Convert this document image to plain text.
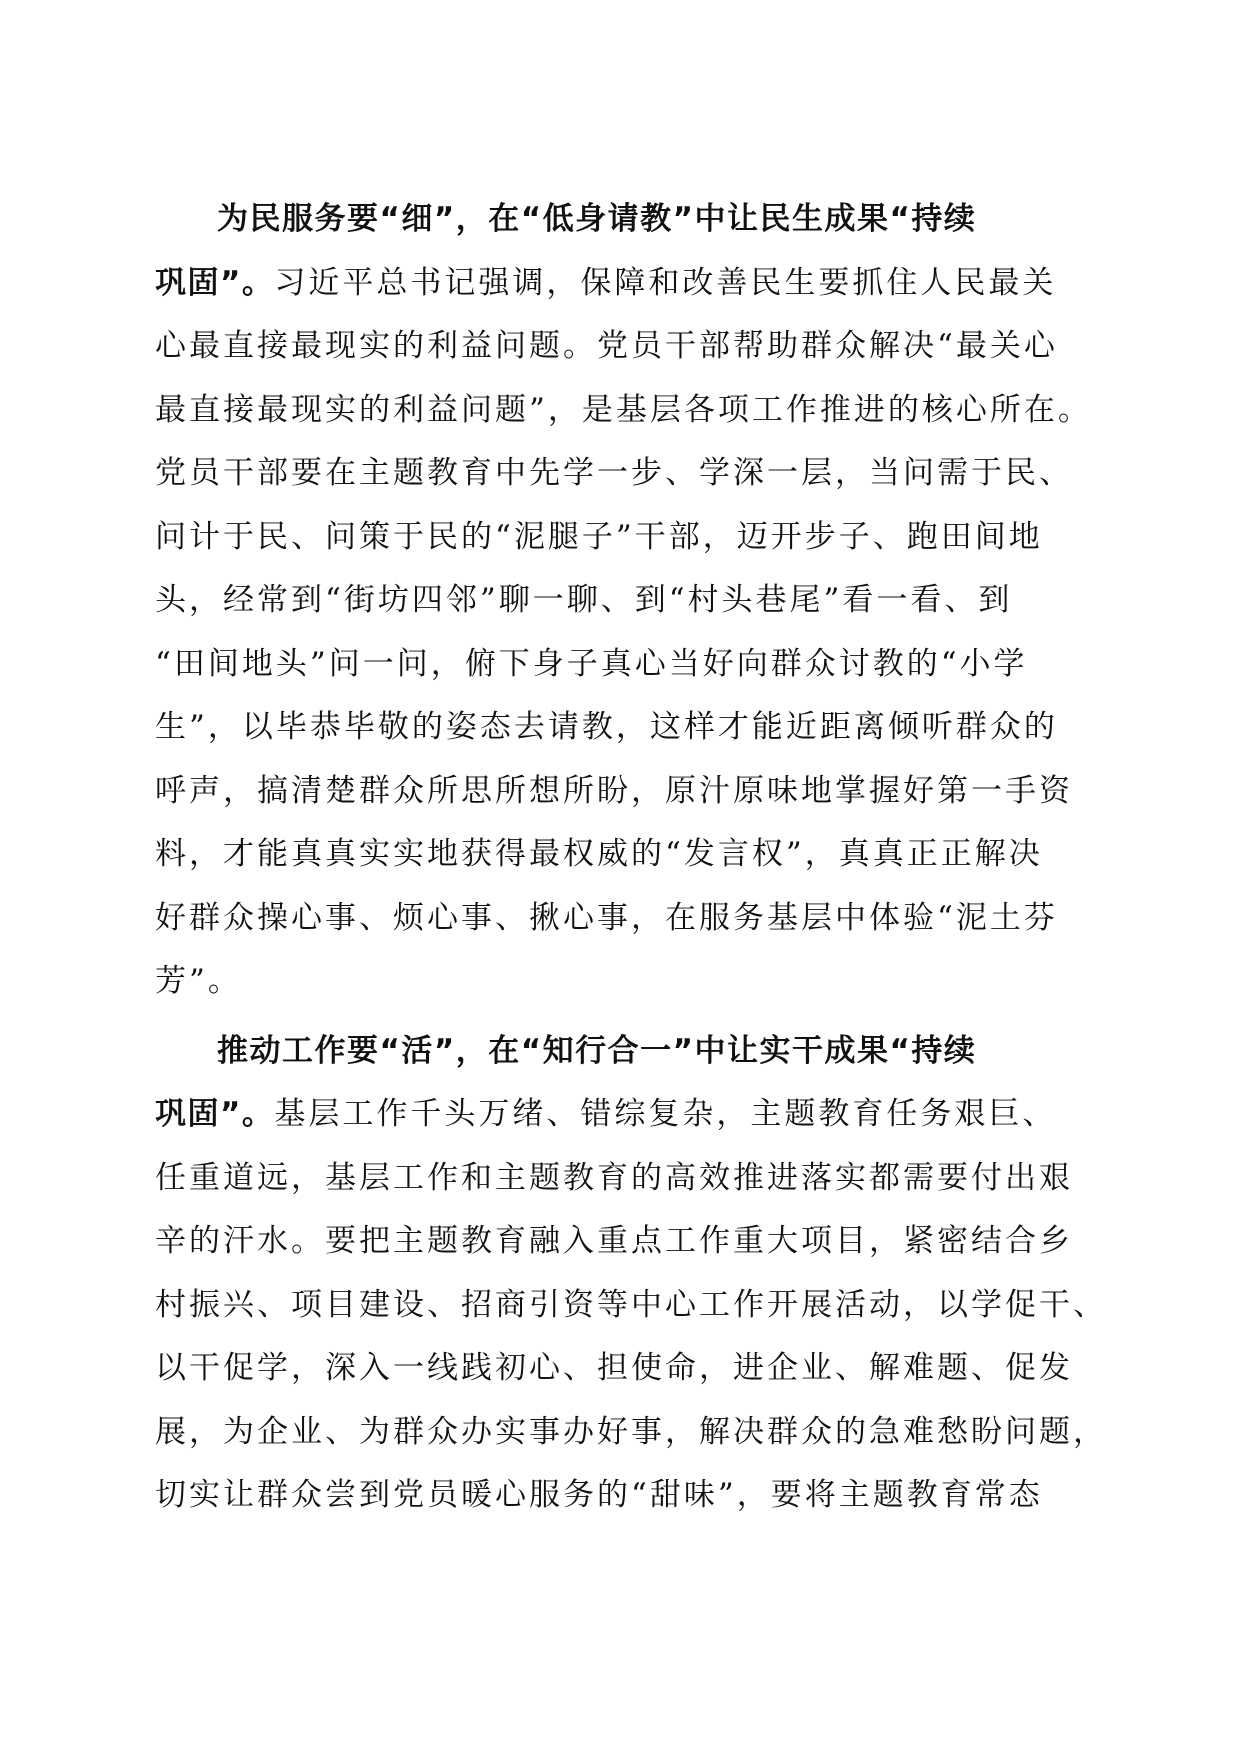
为民服务要“细”，在“低身请教”中让民生成果“持续
巩固”。习近平总书记强调，保障和改善民生要抓住人民最关
心最直接最现实的利益问题。党员干部帮助群众解决“最关心
最直接最现实的利益问题”，是基层各项工作推进的核心所在。
党员干部要在主题教育中先学一步、学深一层，当问需于民、
问计于民、问策于民的“泥腿子”干部，迈开步子、跑田间地
头，经常到“街坊四邻”聊一聊、到“村头巷尾”看一看、到
“田间地头”问一问，俯下身子真心当好向群众讨教的“小学
生”，以毕恭毕敬的姿态去请教，这样才能近距离倾听群众的
呼声，搞清楚群众所思所想所盼，原汁原味地掌握好第一手资
料，才能真真实实地获得最权威的“发言权”，真真正正解决
好群众操心事、烦心事、揪心事，在服务基层中体验“泥土芬
芳”。
推动工作要“活”，在“知行合一”中让实干成果“持续
巩固”。基层工作千头万绪、错综复杂，主题教育任务艰巨、
任重道远，基层工作和主题教育的高效推进落实都需要付出艰
辛的汗水。要把主题教育融入重点工作重大项目，紧密结合乡
村振兴、项目建设、招商引资等中心工作开展活动，以学促干、
以干促学，深入一线践初心、担使命，进企业、解难题、促发
展，为企业、为群众办实事办好事，解决群众的急难愁盼问题，
切实让群众尝到党员暖心服务的“甜味”，要将主题教育常态
